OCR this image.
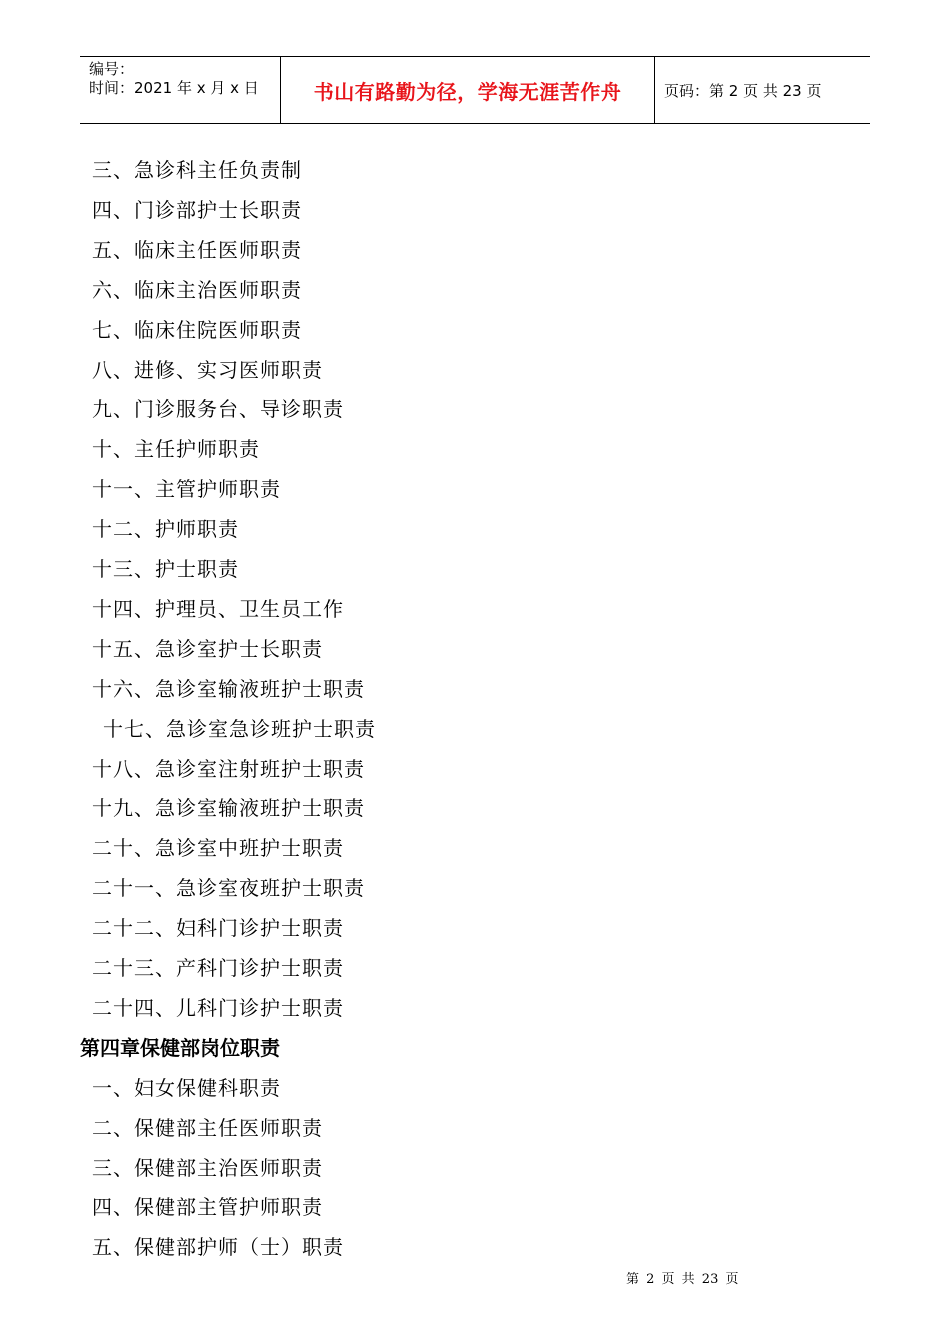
编号：
时间：2021 年 x 月 x 日	书山有路勤为径，学海无涯苦作舟	页码：第 2 页 共 23 页
三、急诊科主任负责制
四、门诊部护士长职责
五、临床主任医师职责
六、临床主治医师职责
七、临床住院医师职责
八、进修、实习医师职责
九、门诊服务台、导诊职责
十、主任护师职责
十一、主管护师职责
十二、护师职责
十三、护士职责
十四、护理员、卫生员工作
十五、急诊室护士长职责
十六、急诊室输液班护士职责
十七、急诊室急诊班护士职责
十八、急诊室注射班护士职责
十九、急诊室输液班护士职责
二十、急诊室中班护士职责
二十一、急诊室夜班护士职责
二十二、妇科门诊护士职责
二十三、产科门诊护士职责
二十四、儿科门诊护士职责
第四章保健部岗位职责
一、妇女保健科职责
二、保健部主任医师职责
三、保健部主治医师职责
四、保健部主管护师职责
五、保健部护师（士）职责
第 2 页 共 23 页
